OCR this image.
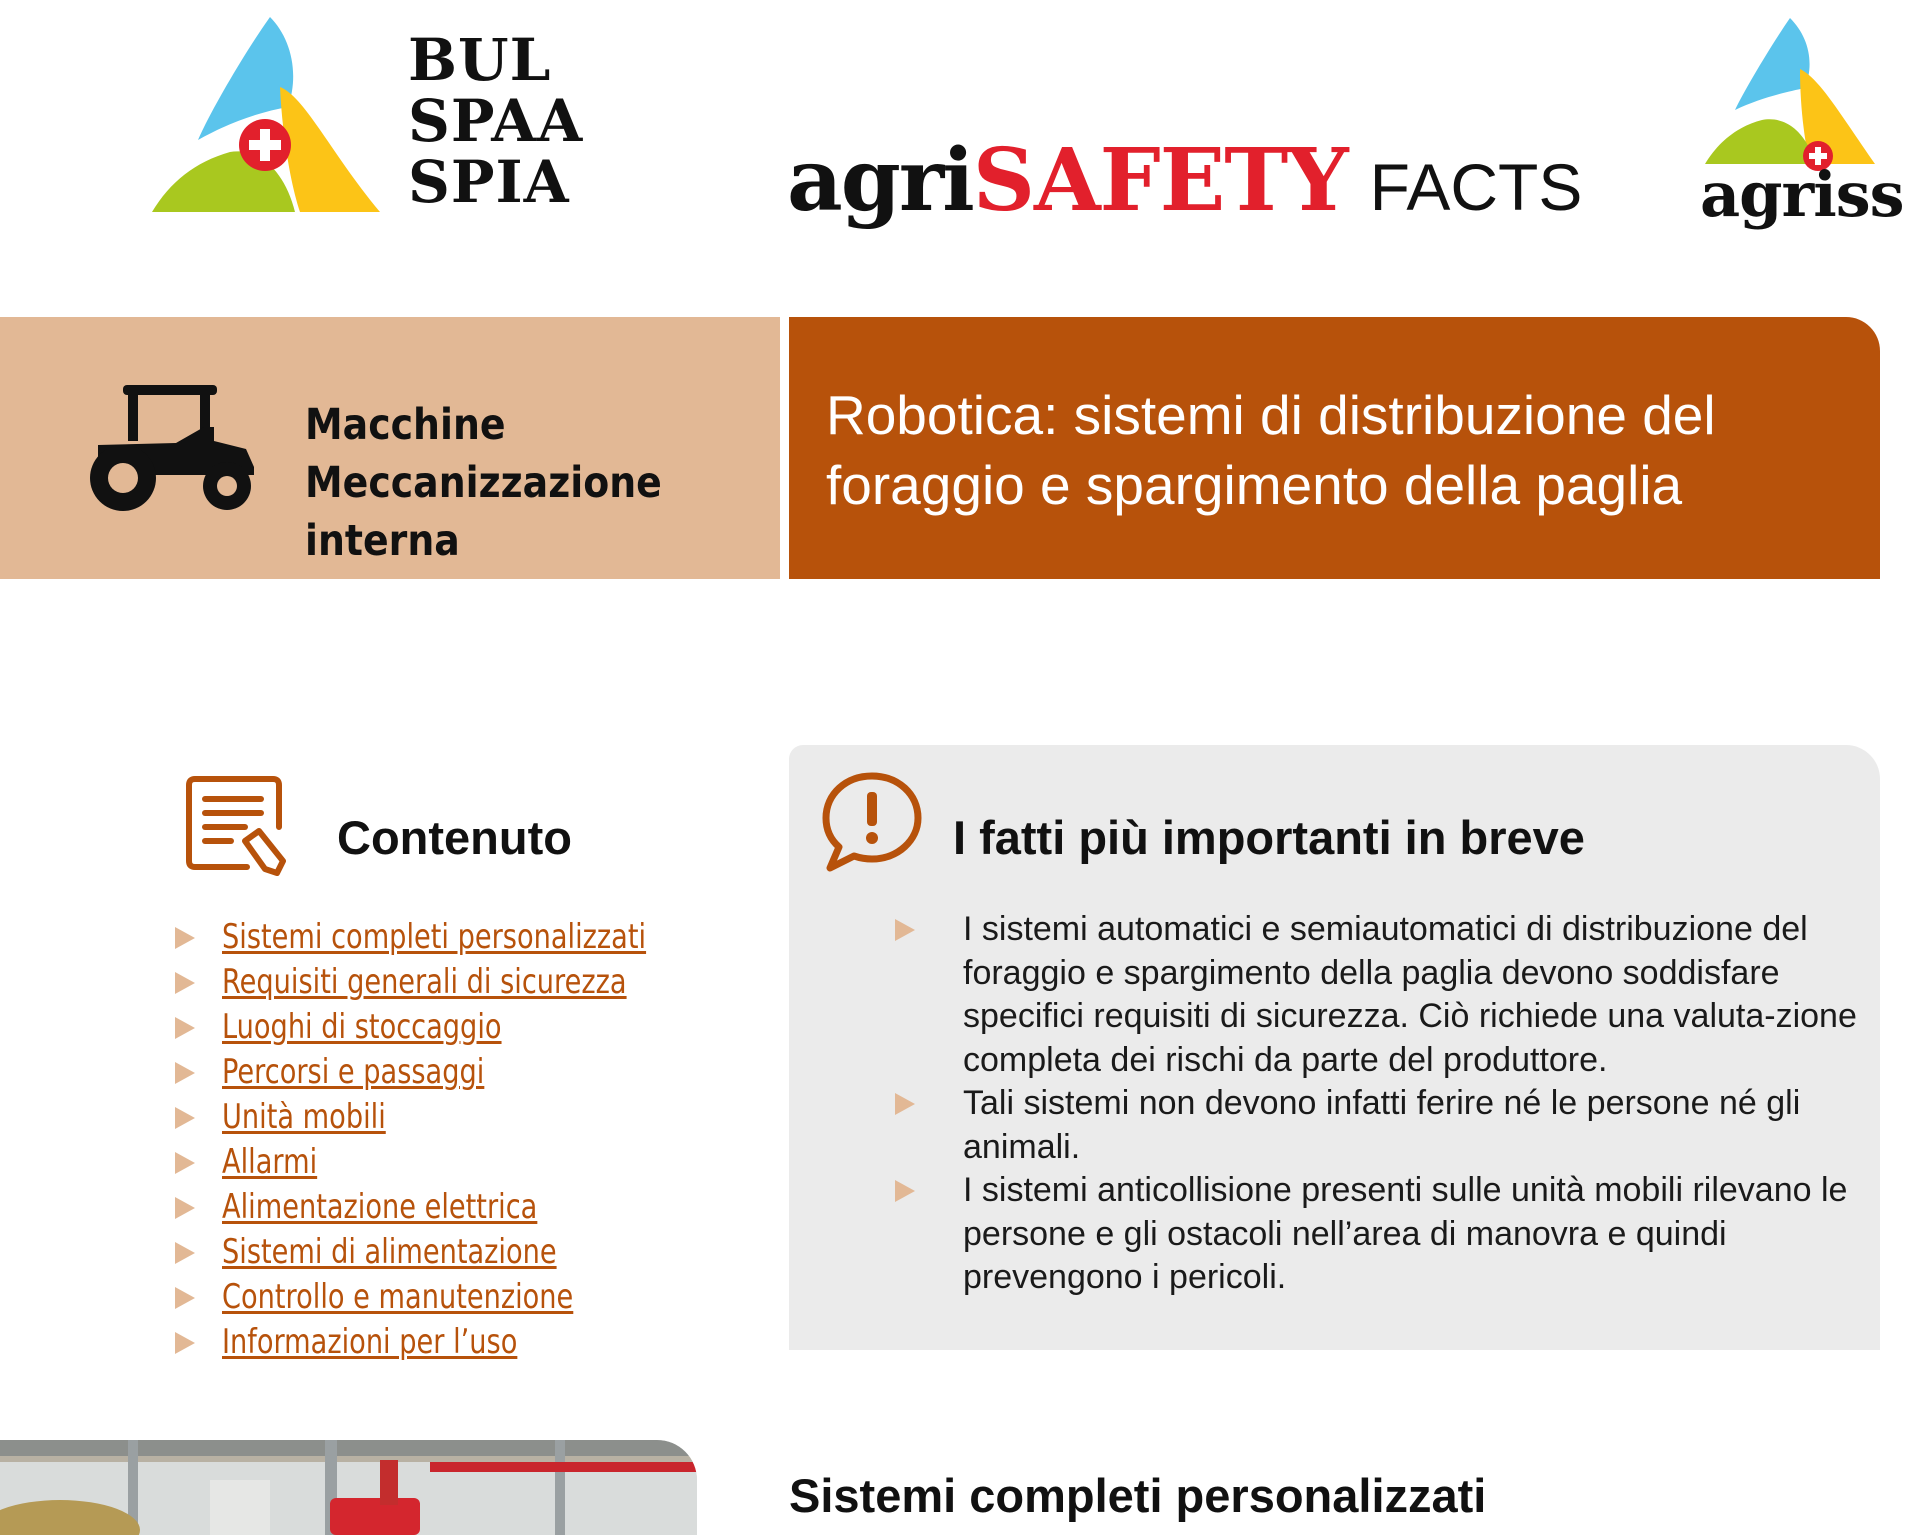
BUL
SPAA
SPIA	agriSAFETY FACTS agriss
Macchine
Meccanizzazione
interna
Robotica: sistemi di distribuzione del foraggio e spargimento della paglia
Contenuto
Sistemi completi personalizzati
Requisiti generali di sicurezza
Luoghi di stoccaggio
Percorsi e passaggi
Unità mobili
Allarmi
Alimentazione elettrica
Sistemi di alimentazione
Controllo e manutenzione
Informazioni per l’uso
I fatti più importanti in breve
I sistemi automatici e semiautomatici di distribuzione del foraggio e spargimento della paglia devono soddisfare specifici requisiti di sicurezza. Ciò richiede una valuta-zione completa dei rischi da parte del produttore.
Tali sistemi non devono infatti ferire né le persone né gli animali.
I sistemi anticollisione presenti sulle unità mobili rilevano le persone e gli ostacoli nell’area di manovra e quindi prevengono i pericoli.
Sistemi completi personalizzati
